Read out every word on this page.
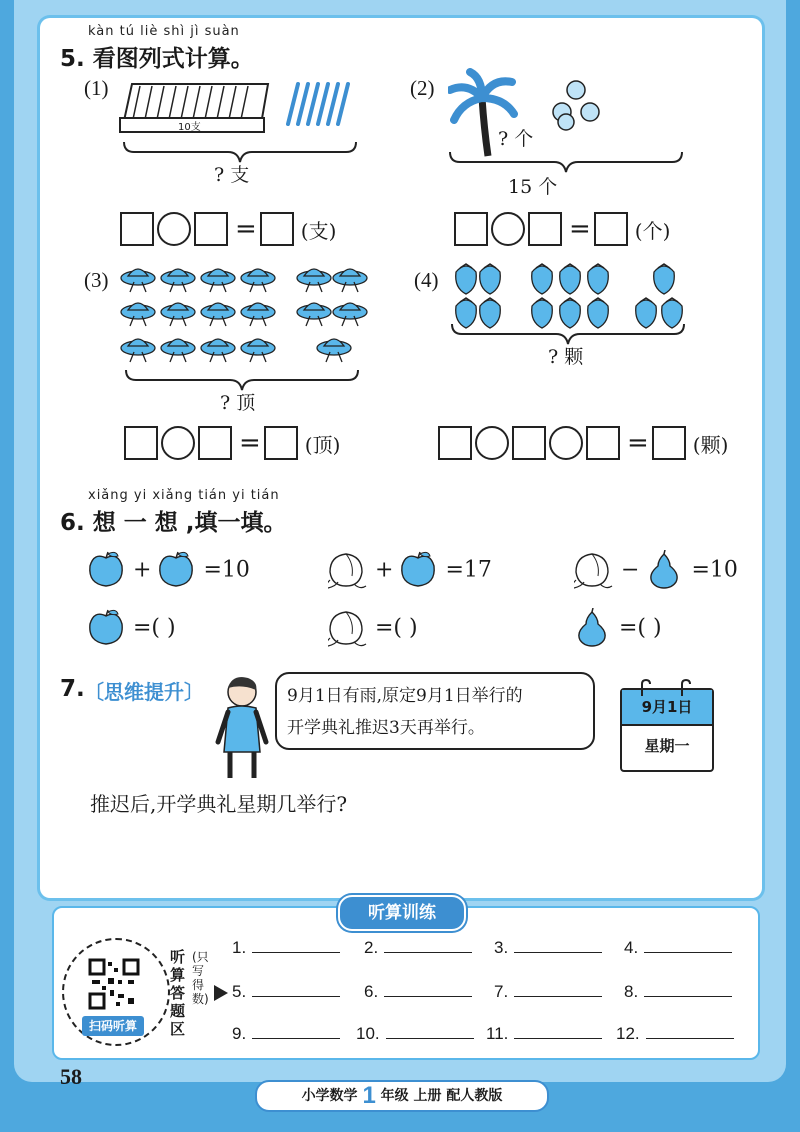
kàn tú liè shì jì suàn
5. 看图列式计算。
(1)
10支
? 支
= (支)
(2)
? 个
15 个
= (个)
(3)
? 顶
= (顶)
(4)
? 颗
= (颗)
xiǎng yi xiǎng tián yi tián
6. 想 一 想 ,填一填。
+ =10	+ =17	− =10
=( )	=( )	=( )
7. 〔思维提升〕	9月1日有雨,原定9月1日举行的
开学典礼推迟3天再举行。
9月1日
星期一
推迟后,开学典礼星期几举行?
听算训练
扫码听算
听算答题区
(只写得数)
1.	2.	3.	4.
5.	6.	7.	8.
9.	10.	11.	12.
58
小学数学 1 年级 上册 配人教版
